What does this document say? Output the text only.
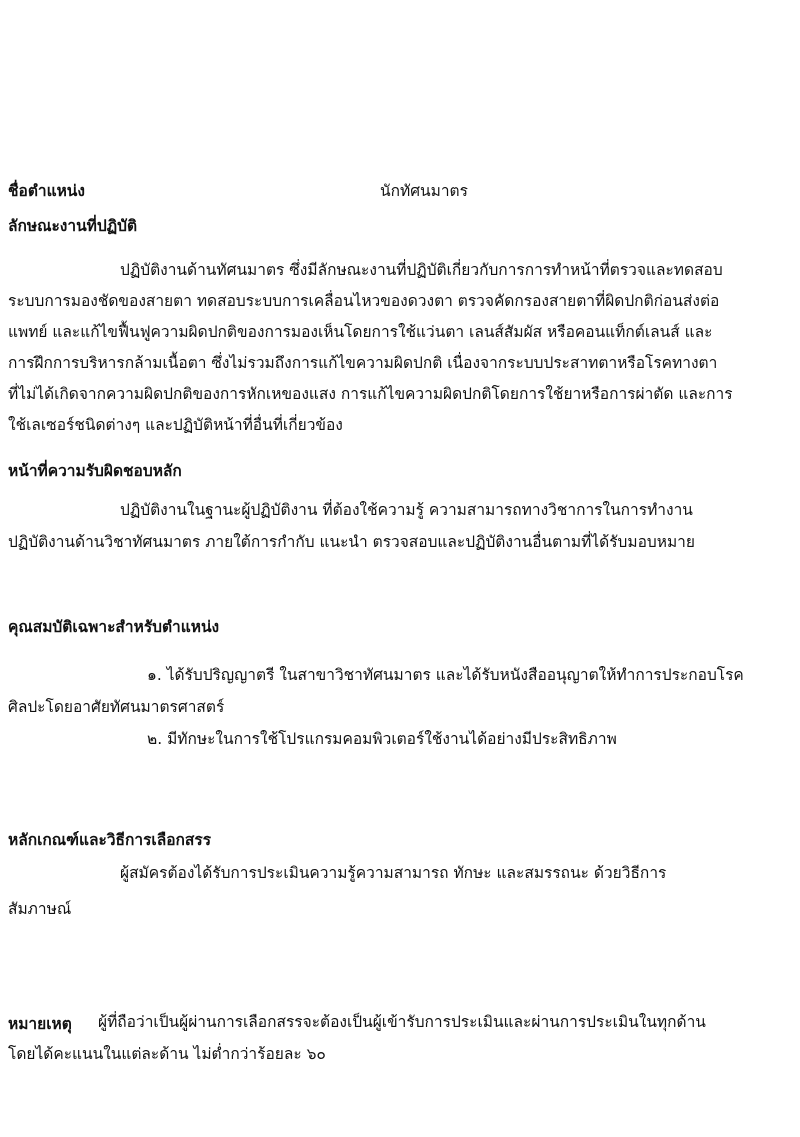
ชื่อตำแหน่ง	นักทัศนมาตร
ลักษณะงานที่ปฏิบัติ
ปฏิบัติงานด้านทัศนมาตร ซึ่งมีลักษณะงานที่ปฏิบัติเกี่ยวกับการการทำหน้าที่ตรวจและทดสอบ
ระบบการมองชัดของสายตา ทดสอบระบบการเคลื่อนไหวของดวงตา ตรวจคัดกรองสายตาที่ผิดปกติก่อนส่งต่อ
แพทย์ และแก้ไขฟื้นฟูความผิดปกติของการมองเห็นโดยการใช้แว่นตา เลนส์สัมผัส หรือคอนแท็กต์เลนส์ และ
การฝึกการบริหารกล้ามเนื้อตา ซึ่งไม่รวมถึงการแก้ไขความผิดปกติ เนื่องจากระบบประสาทตาหรือโรคทางตา
ที่ไม่ได้เกิดจากความผิดปกติของการหักเหของแสง การแก้ไขความผิดปกติโดยการใช้ยาหรือการผ่าตัด และการ
ใช้เลเซอร์ชนิดต่างๆ และปฏิบัติหน้าที่อื่นที่เกี่ยวข้อง
หน้าที่ความรับผิดชอบหลัก
ปฏิบัติงานในฐานะผู้ปฏิบัติงาน ที่ต้องใช้ความรู้ ความสามารถทางวิชาการในการทำงาน
ปฏิบัติงานด้านวิชาทัศนมาตร ภายใต้การกำกับ แนะนำ ตรวจสอบและปฏิบัติงานอื่นตามที่ได้รับมอบหมาย
คุณสมบัติเฉพาะสำหรับตำแหน่ง
๑. ได้รับปริญญาตรี ในสาขาวิชาทัศนมาตร และได้รับหนังสืออนุญาตให้ทำการประกอบโรค
ศิลปะโดยอาศัยทัศนมาตรศาสตร์
๒. มีทักษะในการใช้โปรแกรมคอมพิวเตอร์ใช้งานได้อย่างมีประสิทธิภาพ
หลักเกณฑ์และวิธีการเลือกสรร
ผู้สมัครต้องได้รับการประเมินความรู้ความสามารถ ทักษะ และสมรรถนะ ด้วยวิธีการ
สัมภาษณ์
หมายเหตุ ผู้ที่ถือว่าเป็นผู้ผ่านการเลือกสรรจะต้องเป็นผู้เข้ารับการประเมินและผ่านการประเมินในทุกด้าน
โดยได้คะแนนในแต่ละด้าน ไม่ต่ำกว่าร้อยละ ๖๐
